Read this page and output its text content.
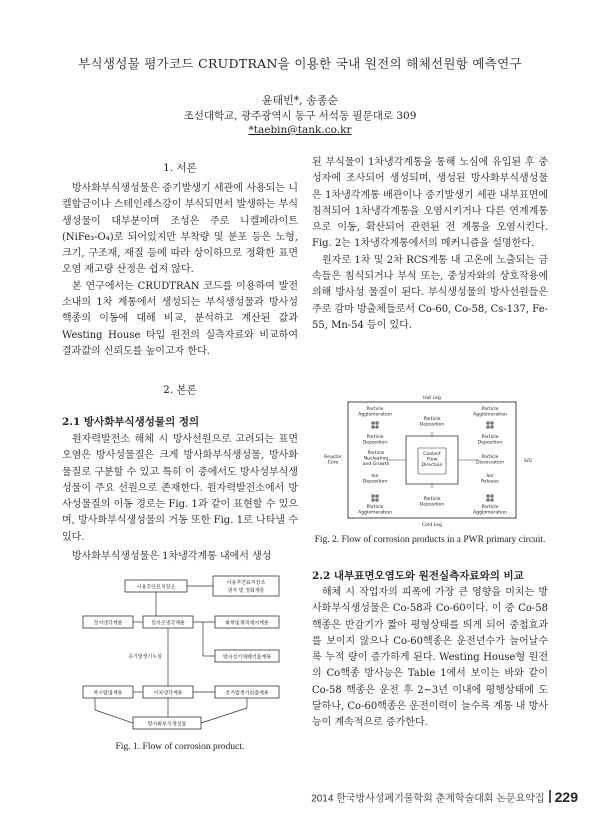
부식생성물 평가코드 CRUDTRAN을 이용한 국내 원전의 해체선원항 예측연구
윤태빈*, 송종순
조선대학교, 광주광역시 동구 서석동 필문대로 309
*taebin@tank.co.kr
1. 서론

방사화부식생성물은 증기발생기 세관에 사용되는 니켈합금이나 스테인레스강이 부식되면서 발생하는 부식생성물이 대부분이며 조성은 주로 니켈페라이트(NiFe₃-O₄)로 되어있지만 부착량 및 분포 등은 노형, 크기, 구조재, 재질 등에 따라 상이하므로 정확한 표면오염 재고량 산정은 쉽지 않다.

본 연구에서는 CRUDTRAN 코드를 이용하여 발전소내의 1차 계통에서 생성되는 부식생성물과 방사성 핵종의 이동에 대해 비교, 분석하고 계산된 값과 Westing House 타입 원전의 실측자료와 비교하여 결과값의 신뢰도를 높이고자 한다.

2. 본론
2.1 방사화부식생성물의 정의

원자력발전소 해체 시 방사선원으로 고려되는 표면오염은 방사성물질은 크게 방사화부식생성물, 방사화물질로 구분할 수 있고 특히 이 중에서도 방사성부식생성물이 주요 선원으로 존재한다. 원자력발전소에서 방사성물질의 이동 경로는 Fig. 1과 같이 표현할 수 있으며, 방사화부식생성물의 거동 또한 Fig. 1로 나타낼 수 있다.

방사화부식생성물은 1차냉각계통 내에서 생성

사용후연료저장조
사용후연료저장조
냉각 및 정화계통
정지냉각계통	원자로냉각계통	화학및체적제어계통
방사성기체폐기물계통
증기발생기누설
복수탈염계통	이차냉각계통	증기발생기취출계통
방사화부식생성물
Fig. 1. Flow of corrosion product.

된 부식물이 1차냉각계통을 통해 노심에 유입된 후 중성자에 조사되어 생성되며, 생성된 방사화부식생성물은 1차냉각계통 배관이나 증기발생기 세관 내부표면에 침적되어 1차냉각계통을 오염시키거나 다른 연계계통으로 이동, 확산되어 관련된 전 계통을 오염시킨다. Fig. 2는 1차냉각계통에서의 메커니즘을 설명한다.

원자로 1차 및 2차 RCS계통 내 고온에 노출되는 금속들은 침식되거나 부식 또는, 중성자와의 상호작용에 의해 방사성 물질이 된다. 부식생성물의 방사선원들은 주로 감마 방출체들로서 Co-60, Co-58, Cs-137, Fe-55, Mn-54 등이 있다.

Hot Leg
Cold Leg
Reactor Core	S/G
Coolant Flow Direction
Particle Agglomeration
Particle Deposition
Particle Agglomeration
Particle Deposition
Particle Deposition
Particle Nucleation and Growth
Particle Dissociation
Ion Deposition
Ion Release
Particle Agglomeration
Particle Deposition
Particle Agglomeration
Fig. 2. Flow of corrosion products in a PWR primary circuit.
2.2 내부표면오염도와 원전실측자료와의 비교

해체 시 작업자의 피폭에 가장 큰 영향을 미치는 방사화부식생성물은 Co-58과 Co-60이다. 이 중 Co-58핵종은 반감기가 짧아 평형상태를 띄게 되어 중첩효과를 보이지 않으나 Co-60핵종은 운전년수가 늘어날수록 누적 량이 증가하게 된다. Westing House형 원전의 Co핵종 방사능은 Table 1에서 보이는 바와 같이 Co-58 핵종은 운전 후 2~3년 이내에 평행상태에 도달하나, Co-60핵종은 운전이력이 늘수록 계통 내 방사능이 계속적으로 증가한다.

2014 한국방사성폐기물학회 춘계학술대회 논문요약집 229
